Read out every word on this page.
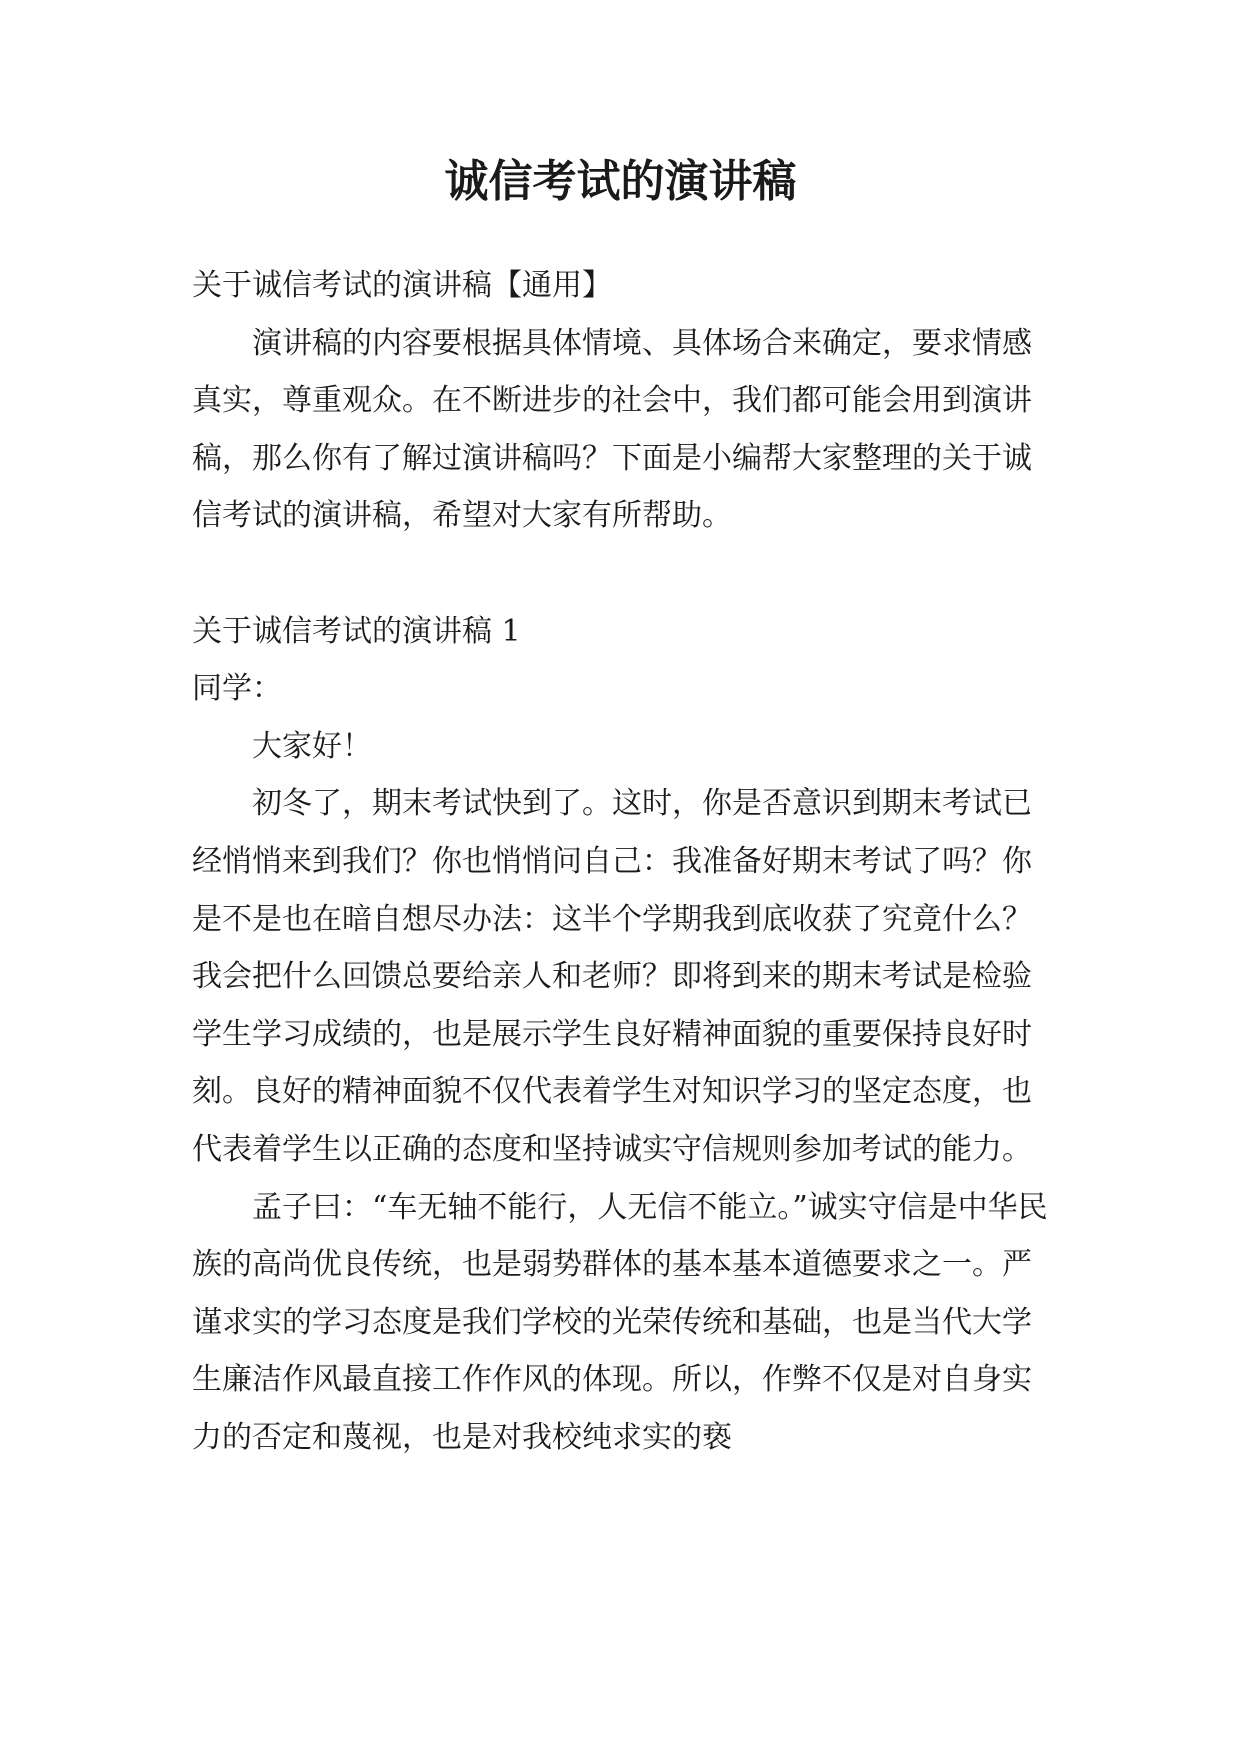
诚信考试的演讲稿

关于诚信考试的演讲稿【通用】

演讲稿的内容要根据具体情境、具体场合来确定，要求情感真实，尊重观众。在不断进步的社会中，我们都可能会用到演讲稿，那么你有了解过演讲稿吗？下面是小编帮大家整理的关于诚信考试的演讲稿，希望对大家有所帮助。

关于诚信考试的演讲稿 1

同学：

大家好！

初冬了，期末考试快到了。这时，你是否意识到期末考试已经悄悄来到我们？你也悄悄问自己：我准备好期末考试了吗？你是不是也在暗自想尽办法：这半个学期我到底收获了究竟什么？我会把什么回馈总要给亲人和老师？即将到来的期末考试是检验学生学习成绩的，也是展示学生良好精神面貌的重要保持良好时刻。良好的精神面貌不仅代表着学生对知识学习的坚定态度，也代表着学生以正确的态度和坚持诚实守信规则参加考试的能力。

孟子曰：“车无轴不能行，人无信不能立。”诚实守信是中华民族的高尚优良传统，也是弱势群体的基本基本道德要求之一。严谨求实的学习态度是我们学校的光荣传统和基础，也是当代大学生廉洁作风最直接工作作风的体现。所以，作弊不仅是对自身实力的否定和蔑视，也是对我校纯求实的亵
